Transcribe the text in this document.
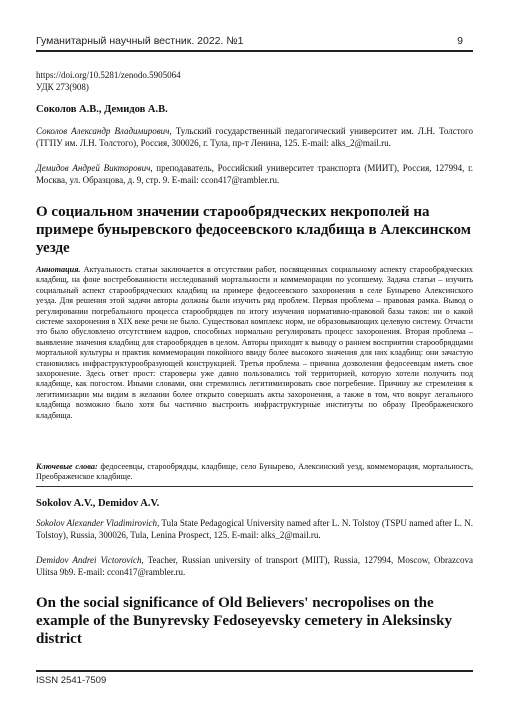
Гуманитарный научный вестник. 2022. №1	9
https://doi.org/10.5281/zenodo.5905064
УДК 273(908)
Соколов А.В., Демидов А.В.
Соколов Александр Владимирович, Тульский государственный педагогический университет им. Л.Н. Толстого (ТГПУ им. Л.Н. Толстого), Россия, 300026, г. Тула, пр-т Ленина, 125. E-mail: alks_2@mail.ru.
Демидов Андрей Викторович, преподаватель, Российский университет транспорта (МИИТ), Россия, 127994, г. Москва, ул. Образцова, д. 9, стр. 9. E-mail: ccon417@rambler.ru.
О социальном значении старообрядческих некрополей на примере буныревского федосеевского кладбища в Алексинском уезде
Аннотация. Актуальность статьи заключается в отсутствии работ, посвященных социальному аспекту старообрядческих кладбищ, на фоне востребованности исследований мортальности и коммеморации по усопшему. Задача статьи – изучить социальный аспект старообрядческих кладбищ на примере федосеевского захоронения в селе Бунырево Алексинского уезда. Для решения этой задачи авторы должны были изучить ряд проблем. Первая проблема – правовая рамка. Вывод о регулировании погребального процесса старообрядцев по итогу изучения нормативно-правовой базы таков: ни о какой системе захоронения в XIX веке речи не было. Существовал комплекс норм, не образовывающих целевую систему. Отчасти это было обусловлено отсутствием кадров, способных нормально регулировать процесс захоронения. Вторая проблема – выявление значения кладбищ для старообрядцев в целом. Авторы приходят к выводу о раннем восприятии старообрядцами мортальной культуры и практик коммеморации покойного ввиду более высокого значения для них кладбищ: они зачастую становились инфраструктурообразующей конструкцией. Третья проблема – причина дозволения федосеевцам иметь свое захоронение. Здесь ответ прост: староверы уже давно пользовались той территорией, которую хотели получить под кладбище, как погостом. Иными словами, они стремились легитимизировать свое погребение. Причину же стремления к легитимизации мы видим в желании более открыто совершать акты захоронения, а также в том, что вокруг легального кладбища возможно было хотя бы частично выстроить инфраструктурные институты по образу Преображенского кладбища.
Ключевые слова: федосеевцы, старообрядцы, кладбище, село Бунырево, Алексинский уезд, коммеморация, мортальность, Преображенское кладбище.
Sokolov A.V., Demidov A.V.
Sokolov Alexander Vladimirovich, Tula State Pedagogical University named after L. N. Tolstoy (TSPU named after L. N. Tolstoy), Russia, 300026, Tula, Lenina Prospect, 125. E-mail: alks_2@mail.ru.
Demidov Andrei Victorovich, Teacher, Russian university of transport (MIIT), Russia, 127994, Moscow, Obrazcova Ulitsa 9b9. E-mail: ccon417@rambler.ru.
On the social significance of Old Believers' necropolises on the example of the Bunyrevsky Fedoseyevsky cemetery in Aleksinsky district
ISSN 2541-7509
